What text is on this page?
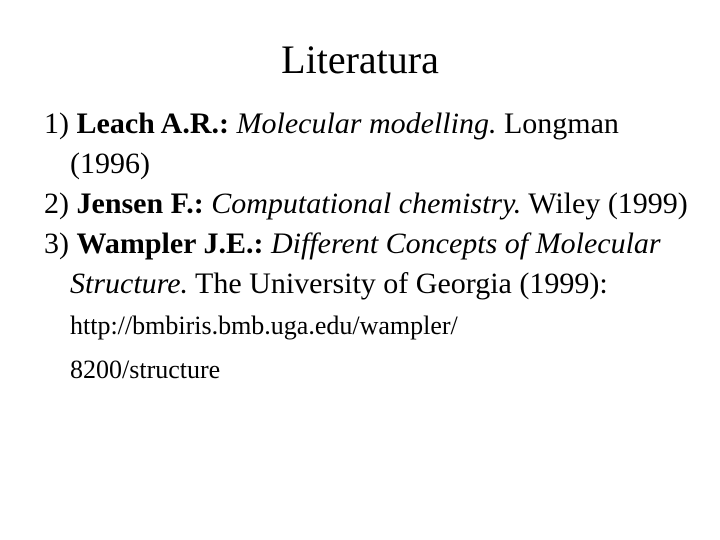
Literatura
1) Leach A.R.: Molecular modelling. Longman (1996)
2) Jensen F.: Computational chemistry. Wiley (1999)
3) Wampler J.E.: Different Concepts of Molecular Structure. The University of Georgia (1999):
http://bmbiris.bmb.uga.edu/wampler/
8200/structure
